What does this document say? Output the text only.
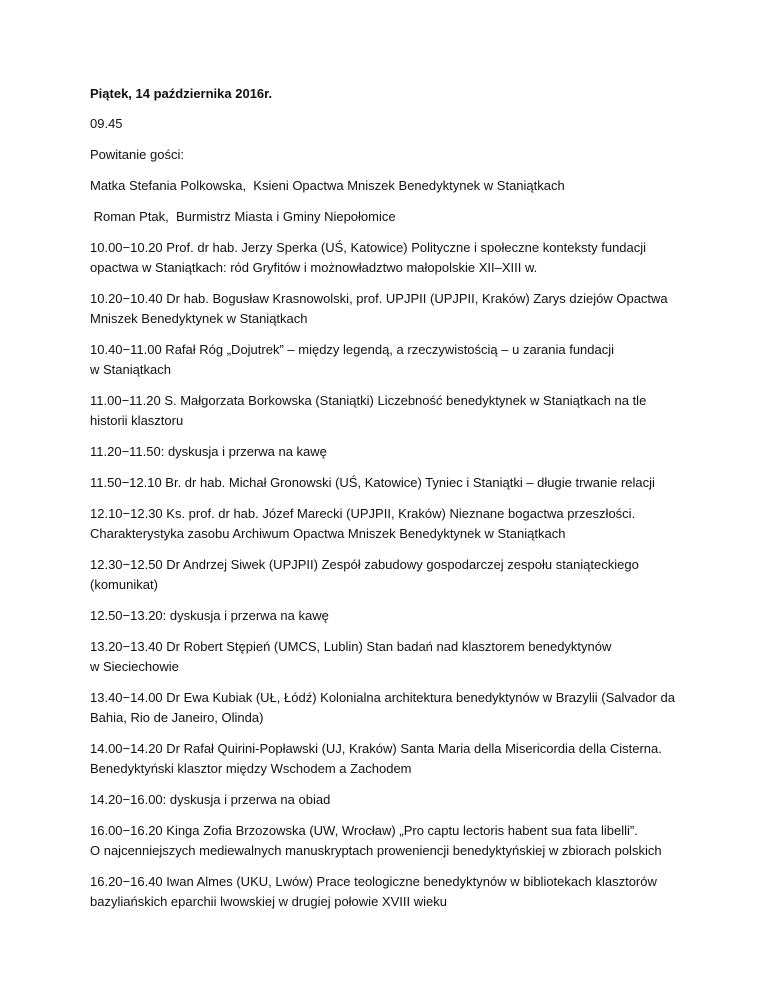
Piątek, 14 października 2016r.
09.45
Powitanie gości:
Matka Stefania Polkowska,  Ksieni Opactwa Mniszek Benedyktynek w Staniątkach
Roman Ptak,  Burmistrz Miasta i Gminy Niepołomice
10.00−10.20 Prof. dr hab. Jerzy Sperka (UŚ, Katowice) Polityczne i społeczne konteksty fundacji
opactwa w Staniątkach: ród Gryfitów i możnowładztwo małopolskie XII–XIII w.
10.20−10.40 Dr hab. Bogusław Krasnowolski, prof. UPJPII (UPJPII, Kraków) Zarys dziejów Opactwa
Mniszek Benedyktynek w Staniątkach
10.40−11.00 Rafał Róg „Dojutrek” – między legendą, a rzeczywistością – u zarania fundacji
w Staniątkach
11.00−11.20 S. Małgorzata Borkowska (Staniątki) Liczebność benedyktynek w Staniątkach na tle
historii klasztoru
11.20−11.50: dyskusja i przerwa na kawę
11.50−12.10 Br. dr hab. Michał Gronowski (UŚ, Katowice) Tyniec i Staniątki – długie trwanie relacji
12.10−12.30 Ks. prof. dr hab. Józef Marecki (UPJPII, Kraków) Nieznane bogactwa przeszłości.
Charakterystyka zasobu Archiwum Opactwa Mniszek Benedyktynek w Staniątkach
12.30−12.50 Dr Andrzej Siwek (UPJPII) Zespół zabudowy gospodarczej zespołu staniąteckiego
(komunikat)
12.50−13.20: dyskusja i przerwa na kawę
13.20−13.40 Dr Robert Stępień (UMCS, Lublin) Stan badań nad klasztorem benedyktynów
w Sieciechowie
13.40−14.00 Dr Ewa Kubiak (UŁ, Łódź) Kolonialna architektura benedyktynów w Brazylii (Salvador da
Bahia, Rio de Janeiro, Olinda)
14.00−14.20 Dr Rafał Quirini-Popławski (UJ, Kraków) Santa Maria della Misericordia della Cisterna.
Benedyktyński klasztor między Wschodem a Zachodem
14.20−16.00: dyskusja i przerwa na obiad
16.00−16.20 Kinga Zofia Brzozowska (UW, Wrocław) „Pro captu lectoris habent sua fata libelli”.
O najcenniejszych mediewalnych manuskryptach proweniencji benedyktyńskiej w zbiorach polskich
16.20−16.40 Iwan Almes (UKU, Lwów) Prace teologiczne benedyktynów w bibliotekach klasztorów
bazyliańskich eparchii lwowskiej w drugiej połowie XVIII wieku
